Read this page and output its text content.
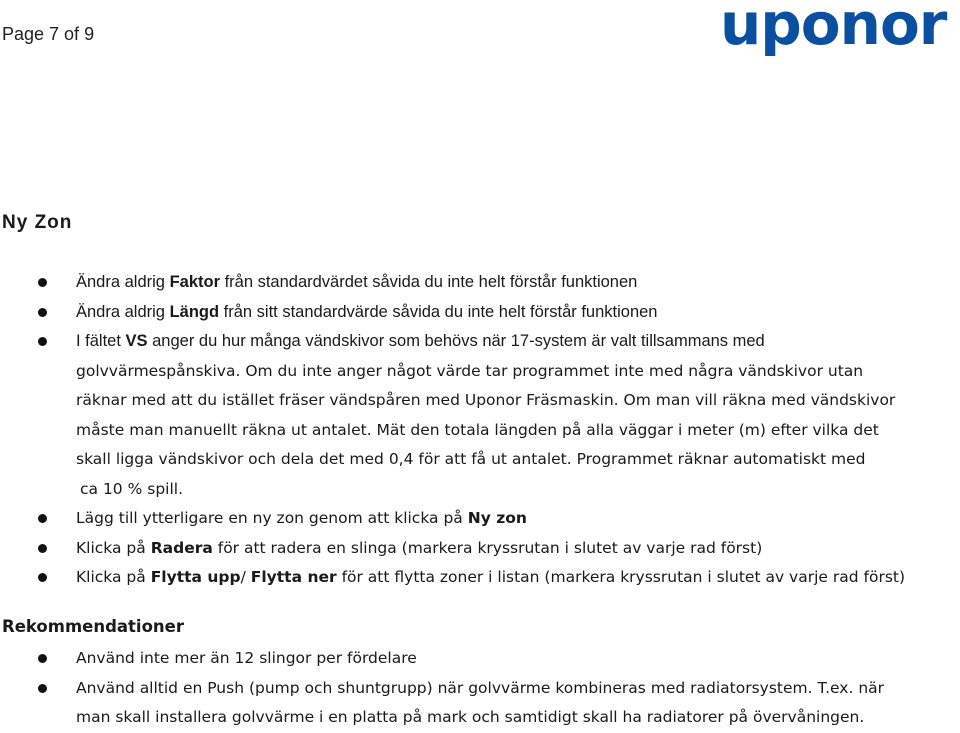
Page 7 of 9	uponor
Ny Zon
Ändra aldrig Faktor från standardvärdet såvida du inte helt förstår funktionen
Ändra aldrig Längd från sitt standardvärde såvida du inte helt förstår funktionen
I fältet VS anger du hur många vändskivor som behövs när 17-system är valt tillsammans med
golvvärmespånskiva. Om du inte anger något värde tar programmet inte med några vändskivor utan
räknar med att du istället fräser vändspåren med Uponor Fräsmaskin. Om man vill räkna med vändskivor
måste man manuellt räkna ut antalet. Mät den totala längden på alla väggar i meter (m) efter vilka det
skall ligga vändskivor och dela det med 0,4 för att få ut antalet. Programmet räknar automatiskt med
ca 10 % spill.
Lägg till ytterligare en ny zon genom att klicka på Ny zon
Klicka på Radera för att radera en slinga (markera kryssrutan i slutet av varje rad först)
Klicka på Flytta upp/ Flytta ner för att flytta zoner i listan (markera kryssrutan i slutet av varje rad först)
Rekommendationer
Använd inte mer än 12 slingor per fördelare
Använd alltid en Push (pump och shuntgrupp) när golvvärme kombineras med radiatorsystem. T.ex. när
man skall installera golvvärme i en platta på mark och samtidigt skall ha radiatorer på övervåningen.
